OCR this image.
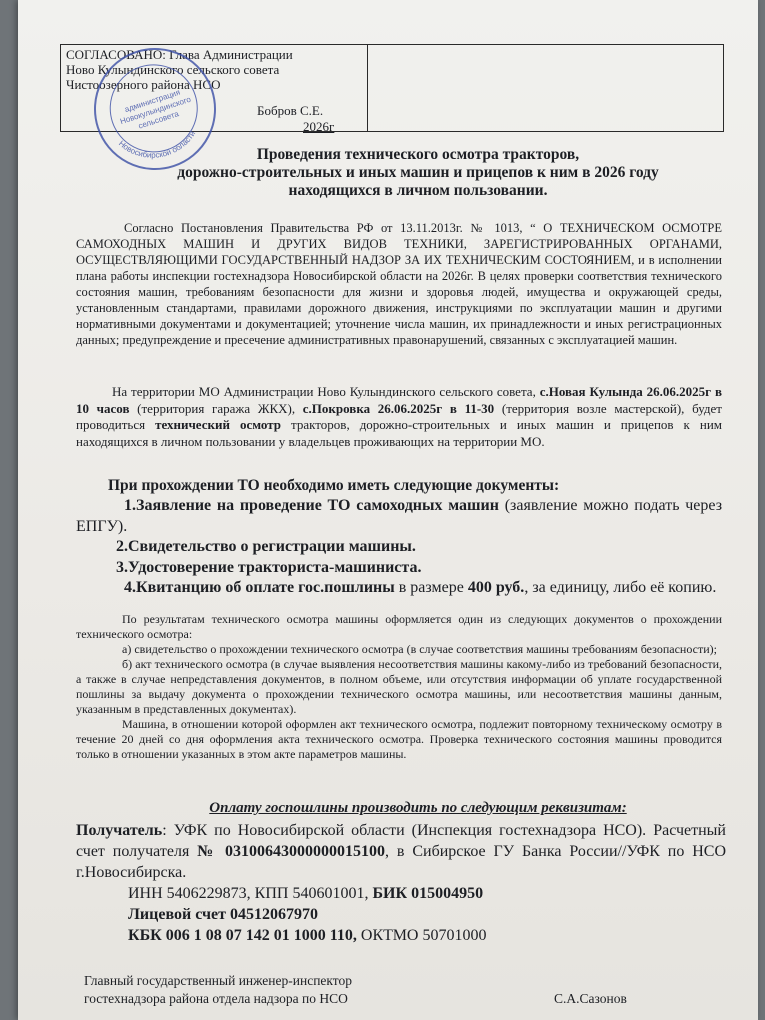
СОГЛАСОВАНО: Глава Администрации
Ново Кулындинского сельского совета
Чистоозерного района НСО
Бобров С.Е.
2026г
Новосибирской области
администрация Новокулындинского сельсовета
Проведения технического осмотра тракторов,
дорожно-строительных и иных машин и прицепов к ним в 2026 году
находящихся в личном пользовании.

Согласно Постановления Правительства РФ от 13.11.2013г. № 1013, “ О ТЕХНИЧЕСКОМ ОСМОТРЕ САМОХОДНЫХ МАШИН И ДРУГИХ ВИДОВ ТЕХНИКИ, ЗАРЕГИСТРИРОВАННЫХ ОРГАНАМИ, ОСУЩЕСТВЛЯЮЩИМИ ГОСУДАРСТВЕННЫЙ НАДЗОР ЗА ИХ ТЕХНИЧЕСКИМ СОСТОЯНИЕМ, и в исполнении плана работы инспекции гостехнадзора Новосибирской области на 2026г. В целях проверки соответствия технического состояния машин, требованиям безопасности для жизни и здоровья людей, имущества и окружающей среды, установленным стандартами, правилами дорожного движения, инструкциями по эксплуатации машин и другими нормативными документами и документацией; уточнение числа машин, их принадлежности и иных регистрационных данных; предупреждение и пресечение административных правонарушений, связанных с эксплуатацией машин.

На территории МО Администрации Ново Кулындинского сельского совета, с.Новая Кулында 26.06.2025г в 10 часов (территория гаража ЖКХ), с.Покровка 26.06.2025г в 11-30 (территория возле мастерской), будет проводиться технический осмотр тракторов, дорожно-строительных и иных машин и прицепов к ним находящихся в личном пользовании у владельцев проживающих на территории МО.

При прохождении ТО необходимо иметь следующие документы:

1.Заявление на проведение ТО самоходных машин (заявление можно подать через ЕПГУ).

2.Свидетельство о регистрации машины.

3.Удостоверение тракториста-машиниста.

4.Квитанцию об оплате гос.пошлины в размере 400 руб., за единицу, либо её копию.

По результатам технического осмотра машины оформляется один из следующих документов о прохождении технического осмотра:

а) свидетельство о прохождении технического осмотра (в случае соответствия машины требованиям безопасности);

б) акт технического осмотра (в случае выявления несоответствия машины какому-либо из требований безопасности, а также в случае непредставления документов, в полном объеме, или отсутствия информации об уплате государственной пошлины за выдачу документа о прохождении технического осмотра машины, или несоответствия машины данным, указанным в представленных документах).

Машина, в отношении которой оформлен акт технического осмотра, подлежит повторному техническому осмотру в течение 20 дней со дня оформления акта технического осмотра. Проверка технического состояния машины проводится только в отношении указанных в этом акте параметров машины.

Оплату госпошлины производить по следующим реквизитам:

Получатель: УФК по Новосибирской области (Инспекция гостехнадзора НСО). Расчетный счет получателя № 03100643000000015100, в Сибирское ГУ Банка России//УФК по НСО г.Новосибирска.

ИНН 5406229873, КПП 540601001, БИК 015004950

Лицевой счет 04512067970

КБК 006 1 08 07 142 01 1000 110, ОКТМО 50701000

Главный государственный инженер-инспектор
гостехнадзора района отдела надзора по НСО	С.А.Сазонов
